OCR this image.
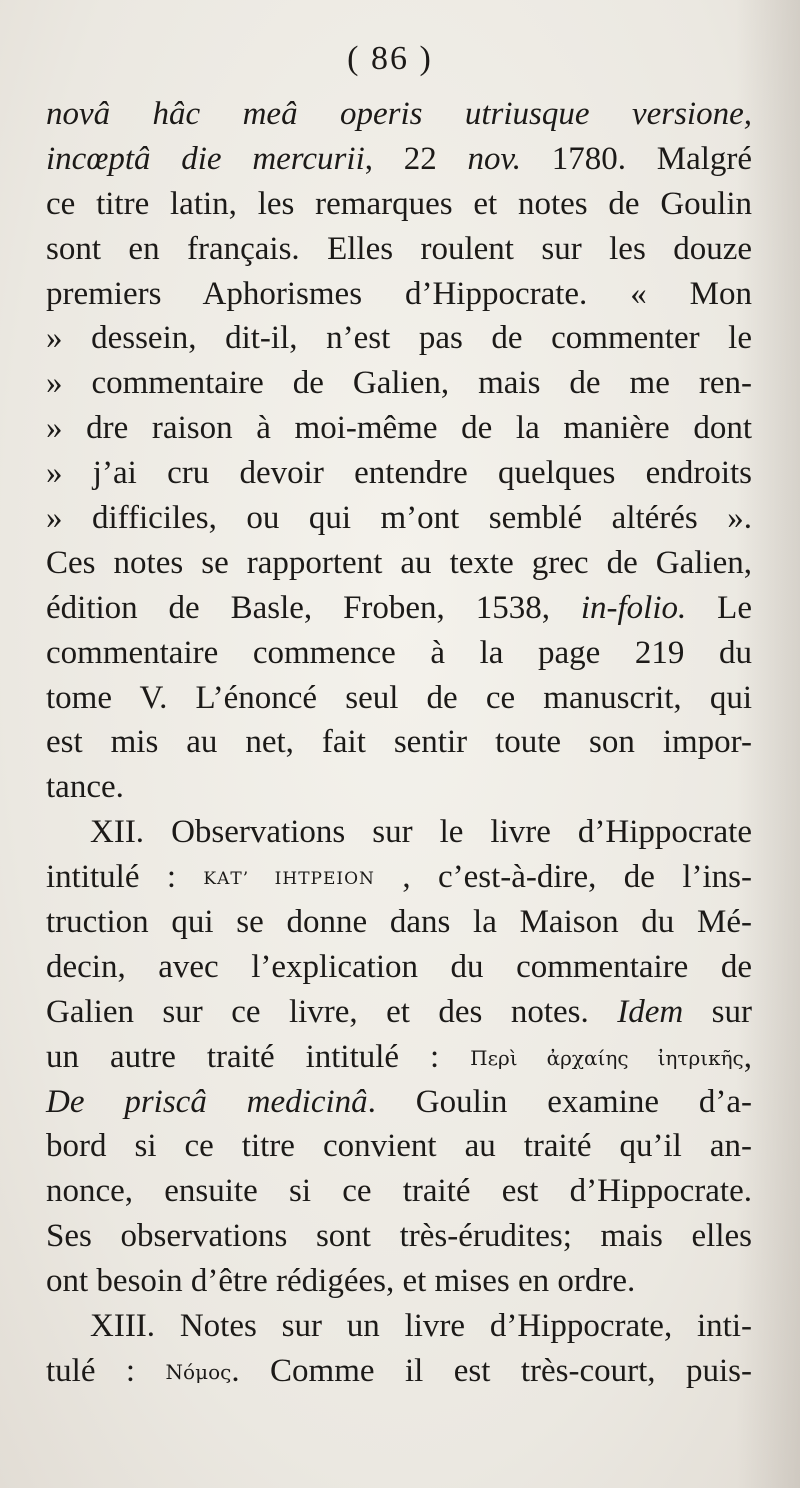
( 86 )
novâ hâc meâ operis utriusque versione,
incœptâ die mercurii, 22 nov. 1780. Malgré
ce titre latin, les remarques et notes de Goulin
sont en français. Elles roulent sur les douze
premiers Aphorismes d’Hippocrate. « Mon
» dessein, dit-il, n’est pas de commenter le
» commentaire de Galien, mais de me ren-
» dre raison à moi-même de la manière dont
» j’ai cru devoir entendre quelques endroits
» difficiles, ou qui m’ont semblé altérés ».
Ces notes se rapportent au texte grec de Galien,
édition de Basle, Froben, 1538, in-folio. Le
commentaire commence à la page 219 du
tome V. L’énoncé seul de ce manuscrit, qui
est mis au net, fait sentir toute son impor-
tance.
XII. Observations sur le livre d’Hippocrate
intitulé : ΚΑΤ’ ΙΗΤΡΕΙΟΝ , c’est-à-dire, de l’ins-
truction qui se donne dans la Maison du Mé-
decin, avec l’explication du commentaire de
Galien sur ce livre, et des notes. Idem sur
un autre traité intitulé : Περὶ ἀρχαίης ἰητρικῆς,
De priscâ medicinâ. Goulin examine d’a-
bord si ce titre convient au traité qu’il an-
nonce, ensuite si ce traité est d’Hippocrate.
Ses observations sont très-érudites; mais elles
ont besoin d’être rédigées, et mises en ordre.
XIII. Notes sur un livre d’Hippocrate, inti-
tulé : Νόμος. Comme il est très-court, puis-
